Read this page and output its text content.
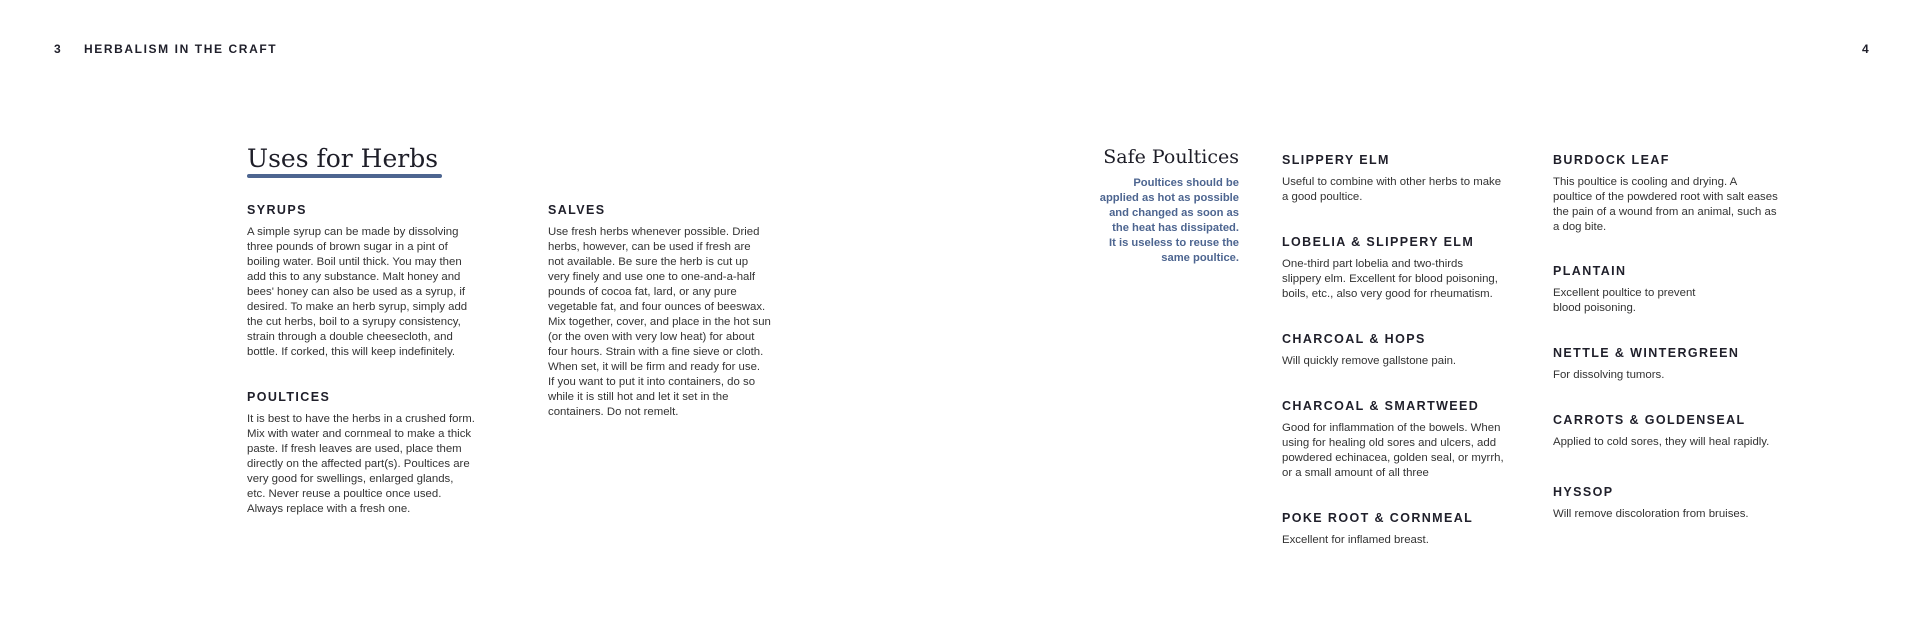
3 HERBALISM IN THE CRAFT	4
Uses for Herbs
SYRUPS
A simple syrup can be made by dissolving
three pounds of brown sugar in a pint of
boiling water. Boil until thick. You may then
add this to any substance. Malt honey and
bees' honey can also be used as a syrup, if
desired. To make an herb syrup, simply add
the cut herbs, boil to a syrupy consistency,
strain through a double cheesecloth, and
bottle. If corked, this will keep indefinitely.
POULTICES
It is best to have the herbs in a crushed form.
Mix with water and cornmeal to make a thick
paste. If fresh leaves are used, place them
directly on the affected part(s). Poultices are
very good for swellings, enlarged glands,
etc. Never reuse a poultice once used.
Always replace with a fresh one.
SALVES
Use fresh herbs whenever possible. Dried
herbs, however, can be used if fresh are
not available. Be sure the herb is cut up
very finely and use one to one-and-a-half
pounds of cocoa fat, lard, or any pure
vegetable fat, and four ounces of beeswax.
Mix together, cover, and place in the hot sun
(or the oven with very low heat) for about
four hours. Strain with a fine sieve or cloth.
When set, it will be firm and ready for use.
If you want to put it into containers, do so
while it is still hot and let it set in the
containers. Do not remelt.
Safe Poultices
Poultices should be
applied as hot as possible
and changed as soon as
the heat has dissipated.
It is useless to reuse the
same poultice.
SLIPPERY ELM
Useful to combine with other herbs to make
a good poultice.
LOBELIA & SLIPPERY ELM
One-third part lobelia and two-thirds
slippery elm. Excellent for blood poisoning,
boils, etc., also very good for rheumatism.
CHARCOAL & HOPS
Will quickly remove gallstone pain.
CHARCOAL & SMARTWEED
Good for inflammation of the bowels. When
using for healing old sores and ulcers, add
powdered echinacea, golden seal, or myrrh,
or a small amount of all three
POKE ROOT & CORNMEAL
Excellent for inflamed breast.
BURDOCK LEAF
This poultice is cooling and drying. A
poultice of the powdered root with salt eases
the pain of a wound from an animal, such as
a dog bite.
PLANTAIN
Excellent poultice to prevent
blood poisoning.
NETTLE & WINTERGREEN
For dissolving tumors.
CARROTS & GOLDENSEAL
Applied to cold sores, they will heal rapidly.
HYSSOP
Will remove discoloration from bruises.
